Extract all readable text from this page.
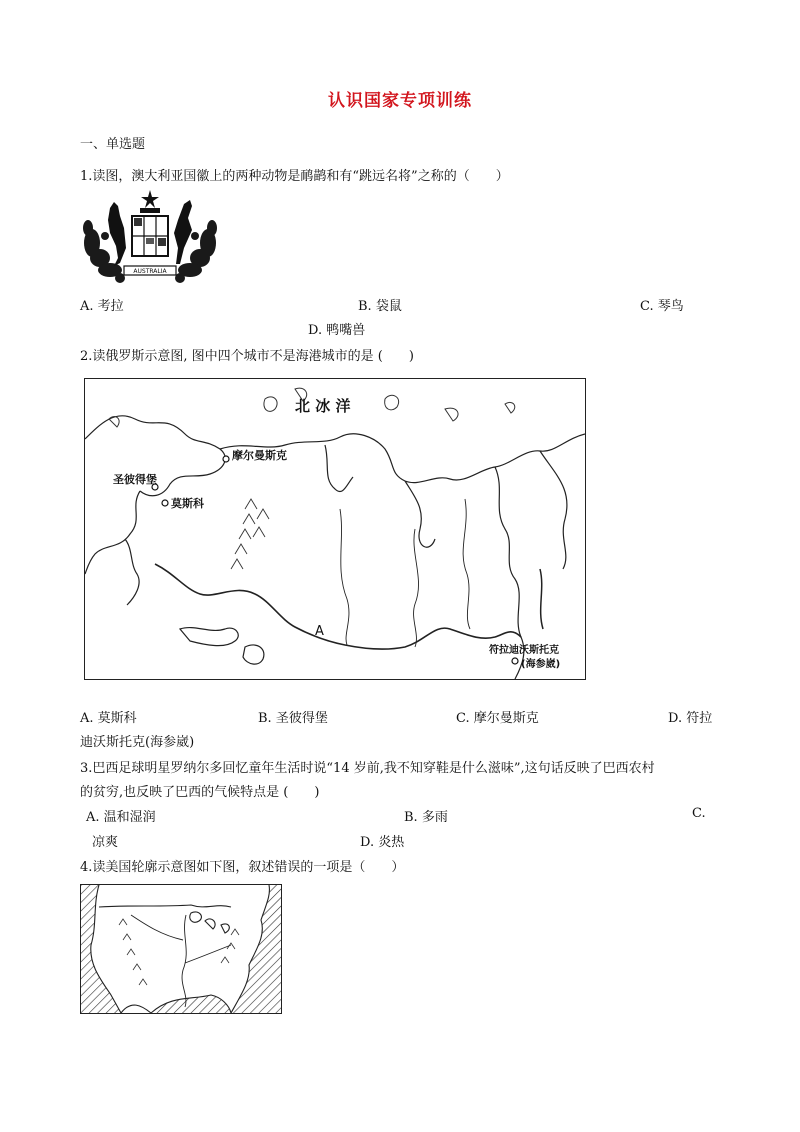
认识国家专项训练
一、单选题
1.读图，澳大利亚国徽上的两种动物是鸸鹋和有“跳远名将”之称的（　　）
AUSTRALIA
A. 考拉	B. 袋鼠	C. 琴鸟
D. 鸭嘴兽
2.读俄罗斯示意图, 图中四个城市不是海港城市的是 (　　)
北 冰 洋
摩尔曼斯克
圣彼得堡
莫斯科
符拉迪沃斯托克
(海参崴)
A
A. 莫斯科	B. 圣彼得堡	C. 摩尔曼斯克	D. 符拉
迪沃斯托克(海参崴)
3.巴西足球明星罗纳尔多回忆童年生活时说“14 岁前,我不知穿鞋是什么滋味”,这句话反映了巴西农村
的贫穷,也反映了巴西的气候特点是 (　　)
A. 温和湿润	B. 多雨	C.
凉爽	D. 炎热
4.读美国轮廓示意图如下图，叙述错误的一项是（　　）
